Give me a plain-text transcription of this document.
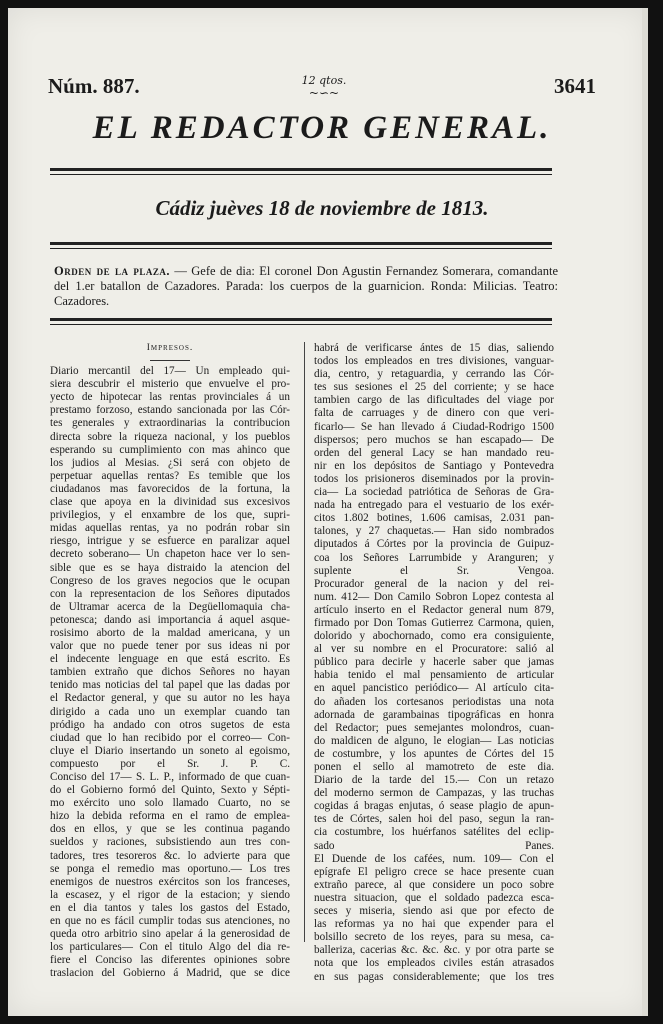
Núm. 887.	12 qtos.
~∽~	3641
EL REDACTOR GENERAL.
Cádiz juèves 18 de noviembre de 1813.
Orden de la plaza. — Gefe de dia: El coronel Don Agustin Fernandez Somerara, comandante del 1.er batallon de Cazadores. Parada: los cuerpos de la guarnicion. Ronda: Milicias. Teatro: Cazadores.
Impresos.
Diario mercantil del 17— Un empleado qui-
siera descubrir el misterio que envuelve el pro-
yecto de hipotecar las rentas provinciales á un
prestamo forzoso, estando sancionada por las Cór-
tes generales y extraordinarias la contribucion
directa sobre la riqueza nacional, y los pueblos
esperando su cumplimiento con mas ahinco que
los judios al Mesias. ¿Si será con objeto de
perpetuar aquellas rentas? Es temible que los
ciudadanos mas favorecidos de la fortuna, la
clase que apoya en la divinidad sus excesivos
privilegios, y el enxambre de los que, supri-
midas aquellas rentas, ya no podrán robar sin
riesgo, intrigue y se esfuerce en paralizar aquel
decreto soberano— Un chapeton hace ver lo sen-
sible que es se haya distraido la atencion del
Congreso de los graves negocios que le ocupan
con la representacion de los Señores diputados
de Ultramar acerca de la Degüellomaquia cha-
petonesca; dando asi importancia á aquel asque-
rosisimo aborto de la maldad americana, y un
valor que no puede tener por sus ideas ni por
el indecente lenguage en que está escrito. Es
tambien extraño que dichos Señores no hayan
tenido mas noticias del tal papel que las dadas por
el Redactor general, y que su autor no les haya
dirigido a cada uno un exemplar cuando tan
pródigo ha andado con otros sugetos de esta
ciudad que lo han recibido por el correo— Con-
cluye el Diario insertando un soneto al egoismo,
compuesto por el Sr. J. P. C.
Conciso del 17— S. L. P., informado de que cuan-
do el Gobierno formó del Quinto, Sexto y Sépti-
mo exército uno solo llamado Cuarto, no se
hizo la debida reforma en el ramo de emplea-
dos en ellos, y que se les continua pagando
sueldos y raciones, subsistiendo aun tres con-
tadores, tres tesoreros &c. lo advierte para que
se ponga el remedio mas oportuno.— Los tres
enemigos de nuestros exércitos son los franceses,
la escasez, y el rigor de la estacion; y siendo
en el dia tantos y tales los gastos del Estado,
en que no es fácil cumplir todas sus atenciones, no
queda otro arbitrio sino apelar á la generosidad de
los particulares— Con el titulo Algo del dia re-
fiere el Conciso las diferentes opiniones sobre
traslacion del Gobierno á Madrid, que se dice
habrá de verificarse ántes de 15 dias, saliendo
todos los empleados en tres divisiones, vanguar-
dia, centro, y retaguardia, y cerrando las Cór-
tes sus sesiones el 25 del corriente; y se hace
tambien cargo de las dificultades del viage por
falta de carruages y de dinero con que veri-
ficarlo— Se han llevado á Ciudad-Rodrigo 1500
dispersos; pero muchos se han escapado— De
orden del general Lacy se han mandado reu-
nir en los depósitos de Santiago y Pontevedra
todos los prisioneros diseminados por la provin-
cia— La sociedad patriótica de Señoras de Gra-
nada ha entregado para el vestuario de los exér-
citos 1.802 botines, 1.606 camisas, 2.031 pan-
talones, y 27 chaquetas.— Han sido nombrados
diputados á Córtes por la provincia de Guipuz-
coa los Señores Larrumbide y Aranguren; y
suplente el Sr. Vengoa.
Procurador general de la nacion y del rei-
num. 412— Don Camilo Sobron Lopez contesta al
artículo inserto en el Redactor general num 879,
firmado por Don Tomas Gutierrez Carmona, quien,
dolorido y abochornado, como era consiguiente,
al ver su nombre en el Procuratore: salió al
público para decirle y hacerle saber que jamas
habia tenido el mal pensamiento de articular
en aquel pancistico periódico— Al artículo cita-
do añaden los cortesanos periodistas una nota
adornada de garambainas tipográficas en honra
del Redactor; pues semejantes molondros, cuan-
do maldicen de alguno, le elogian— Las noticias
de costumbre, y los apuntes de Córtes del 15
ponen el sello al mamotreto de este dia.
Diario de la tarde del 15.— Con un retazo
del moderno sermon de Campazas, y las truchas
cogidas á bragas enjutas, ó sease plagio de apun-
tes de Córtes, salen hoi del paso, segun la ran-
cia costumbre, los huérfanos satélites del eclip-
sado Panes.
El Duende de los cafées, num. 109— Con el
epígrafe El peligro crece se hace presente cuan
extraño parece, al que considere un poco sobre
nuestra situacion, que el soldado padezca esca-
seces y miseria, siendo asi que por efecto de
las reformas ya no hai que expender para el
bolsillo secreto de los reyes, para su mesa, ca-
balleriza, cacerias &c. &c. &c. y por otra parte se
nota que los empleados civiles están atrasados
en sus pagas considerablemente; que los tres
